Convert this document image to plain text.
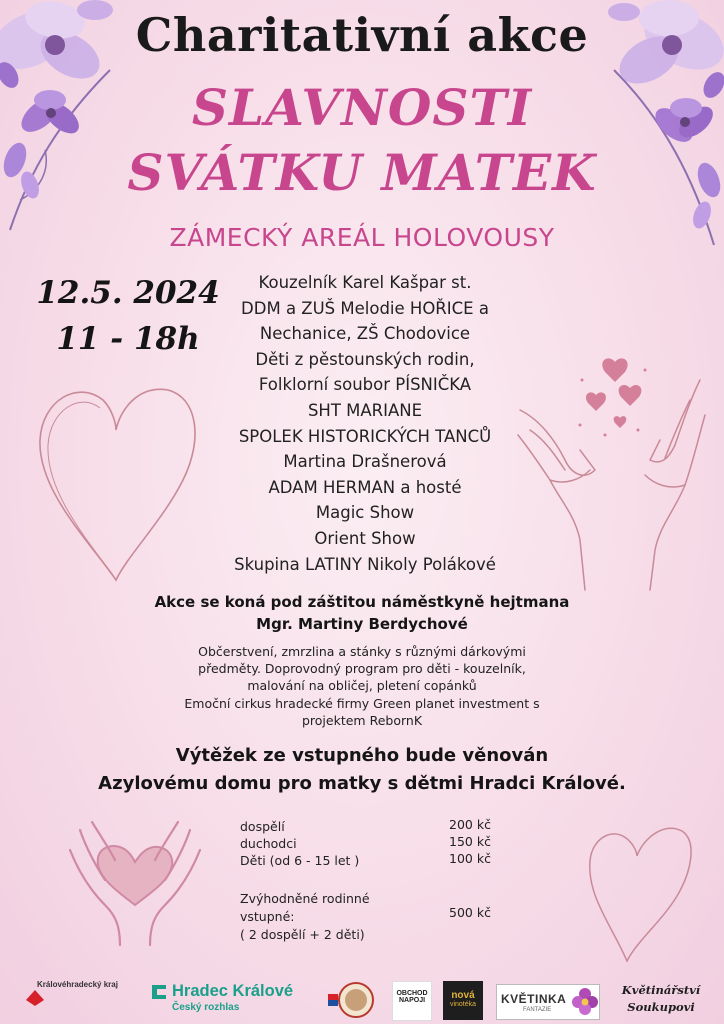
Charitativní akce
SLAVNOSTI
SVÁTKU MATEK
ZÁMECKÝ AREÁL HOLOVOUSY
12.5. 2024
11 - 18h
Kouzelník Karel Kašpar st.
DDM a ZUŠ Melodie HOŘICE a
Nechanice, ZŠ Chodovice
Děti z pěstounských rodin,
Folklorní soubor PÍSNIČKA
SHT MARIANE
SPOLEK HISTORICKÝCH TANCŮ
Martina Drašnerová
ADAM HERMAN a hosté
Magic Show
Orient Show
Skupina LATINY Nikoly Polákové
Akce se koná pod záštitou náměstkyně hejtmana
Mgr. Martiny Berdychové
Občerstvení, zmrzlina a stánky s různými dárkovými
předměty. Doprovodný program pro děti - kouzelník,
malování na obličej, pletení copánků
Emoční cirkus hradecké firmy Green planet investment s
projektem RebornK
Výtěžek ze vstupného bude věnován
Azylovému domu pro matky s dětmi Hradci Králové.
dospělí	200 kč
duchodci	150 kč
Děti (od 6 - 15 let )	100 kč
Zvýhodněné rodinné
vstupné:	500 kč
( 2 dospělí + 2 děti)
Královéhradecký kraj	Hradec Králové
Český rozhlas
OBCHOD
NAPOJI	nová
vinotéka	KVĚTINKA
FANTAZIE
Květinářství
Soukupovi
